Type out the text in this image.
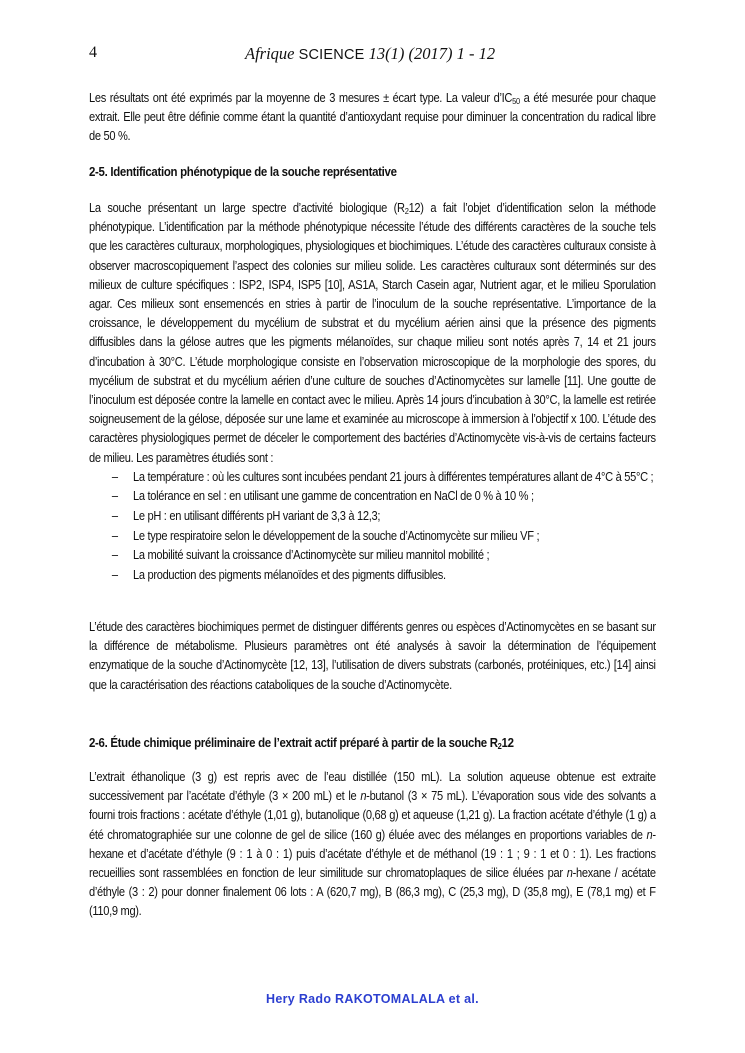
4	Afrique SCIENCE 13(1) (2017) 1 - 12

Les résultats ont été exprimés par la moyenne de 3 mesures ± écart type. La valeur $d’IC_{50}$ a été mesurée pour chaque extrait. Elle peut être définie comme étant la quantité d’antioxydant requise pour diminuer la concentration du radical libre de 50 %.

2-5. Identification phénotypique de la souche représentative

La souche présentant un large spectre d’activité biologique $(R_212)$ a fait l’objet d’identification selon la méthode phénotypique. L’identification par la méthode phénotypique nécessite l’étude des différents caractères de la souche tels que les caractères culturaux, morphologiques, physiologiques et biochimiques. L’étude des caractères culturaux consiste à observer macroscopiquement l’aspect des colonies sur milieu solide. Les caractères culturaux sont déterminés sur des milieux de culture spécifiques : ISP2, ISP4, ISP5 [10], AS1A, Starch Casein agar, Nutrient agar, et le milieu Sporulation agar. Ces milieux sont ensemencés en stries à partir de l’inoculum de la souche représentative. L’importance de la croissance, le développement du mycélium de substrat et du mycélium aérien ainsi que la présence des pigments diffusibles dans la gélose autres que les pigments mélanoïdes, sur chaque milieu sont notés après 7, 14 et 21 jours d’incubation à 30°C. L’étude morphologique consiste en l’observation microscopique de la morphologie des spores, du mycélium de substrat et du mycélium aérien d’une culture de souches d’Actinomycètes sur lamelle [11]. Une goutte de l’inoculum est déposée contre la lamelle en contact avec le milieu. Après 14 jours d’incubation à 30°C, la lamelle est retirée soigneusement de la gélose, déposée sur une lame et examinée au microscope à immersion à l’objectif x 100. L’étude des caractères physiologiques permet de déceler le comportement des bactéries d’Actinomycète vis-à-vis de certains facteurs de milieu. Les paramètres étudiés sont :

– La température : où les cultures sont incubées pendant 21 jours à différentes températures allant de 4°C à 55°C ;
– La tolérance en sel : en utilisant une gamme de concentration en NaCl de 0 % à 10 % ;
– Le pH : en utilisant différents pH variant de 3,3 à 12,3;
– Le type respiratoire selon le développement de la souche d’Actinomycète sur milieu VF ;
– La mobilité suivant la croissance d’Actinomycète sur milieu mannitol mobilité ;
– La production des pigments mélanoïdes et des pigments diffusibles.

L’étude des caractères biochimiques permet de distinguer différents genres ou espèces d’Actinomycètes en se basant sur la différence de métabolisme. Plusieurs paramètres ont été analysés à savoir la détermination de l’équipement enzymatique de la souche d’Actinomycète [12, 13], l’utilisation de divers substrats (carbonés, protéiniques, etc.) [14] ainsi que la caractérisation des réactions cataboliques de la souche d’Actinomycète.

2-6. Étude chimique préliminaire de l’extrait actif préparé à partir de la souche $R_212$

L’extrait éthanolique (3 g) est repris avec de l’eau distillée (150 mL). La solution aqueuse obtenue est extraite successivement par l’acétate d’éthyle (3 × 200 mL) et le n-butanol (3 × 75 mL). L’évaporation sous vide des solvants a fourni trois fractions : acétate d’éthyle (1,01 g), butanolique (0,68 g) et aqueuse (1,21 g). La fraction acétate d’éthyle (1 g) a été chromatographiée sur une colonne de gel de silice (160 g) éluée avec des mélanges en proportions variables de n-hexane et d’acétate d’éthyle (9 : 1 à 0 : 1) puis d’acétate d’éthyle et de méthanol (19 : 1 ; 9 : 1 et 0 : 1). Les fractions recueillies sont rassemblées en fonction de leur similitude sur chromatoplaques de silice éluées par n-hexane / acétate d’éthyle (3 : 2) pour donner finalement 06 lots : A (620,7 mg), B (86,3 mg), C (25,3 mg), D (35,8 mg), E (78,1 mg) et F (110,9 mg).

Hery Rado RAKOTOMALALA et al.
